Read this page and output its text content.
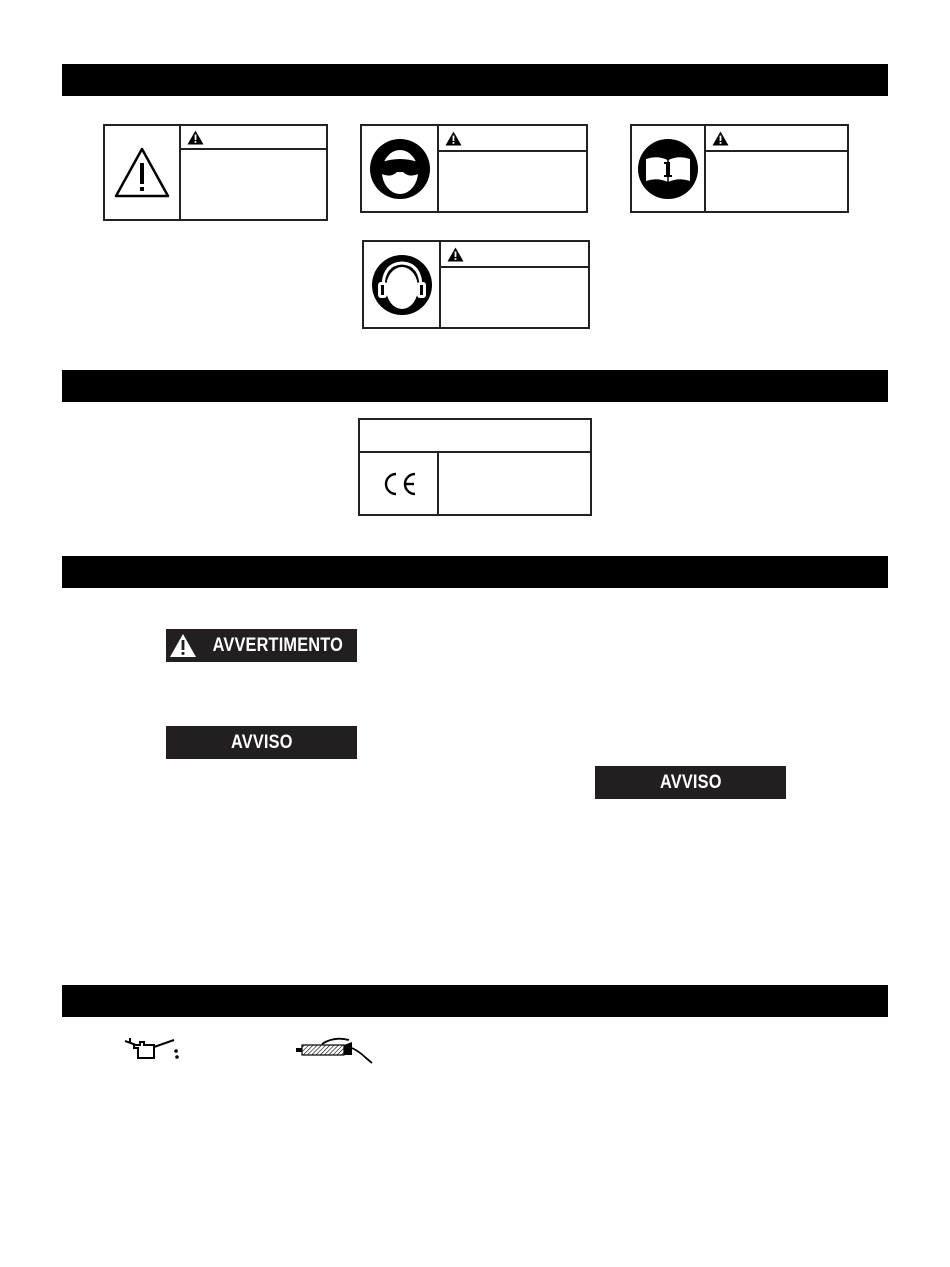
AVVERTIMENTO
AVVISO
AVVISO
